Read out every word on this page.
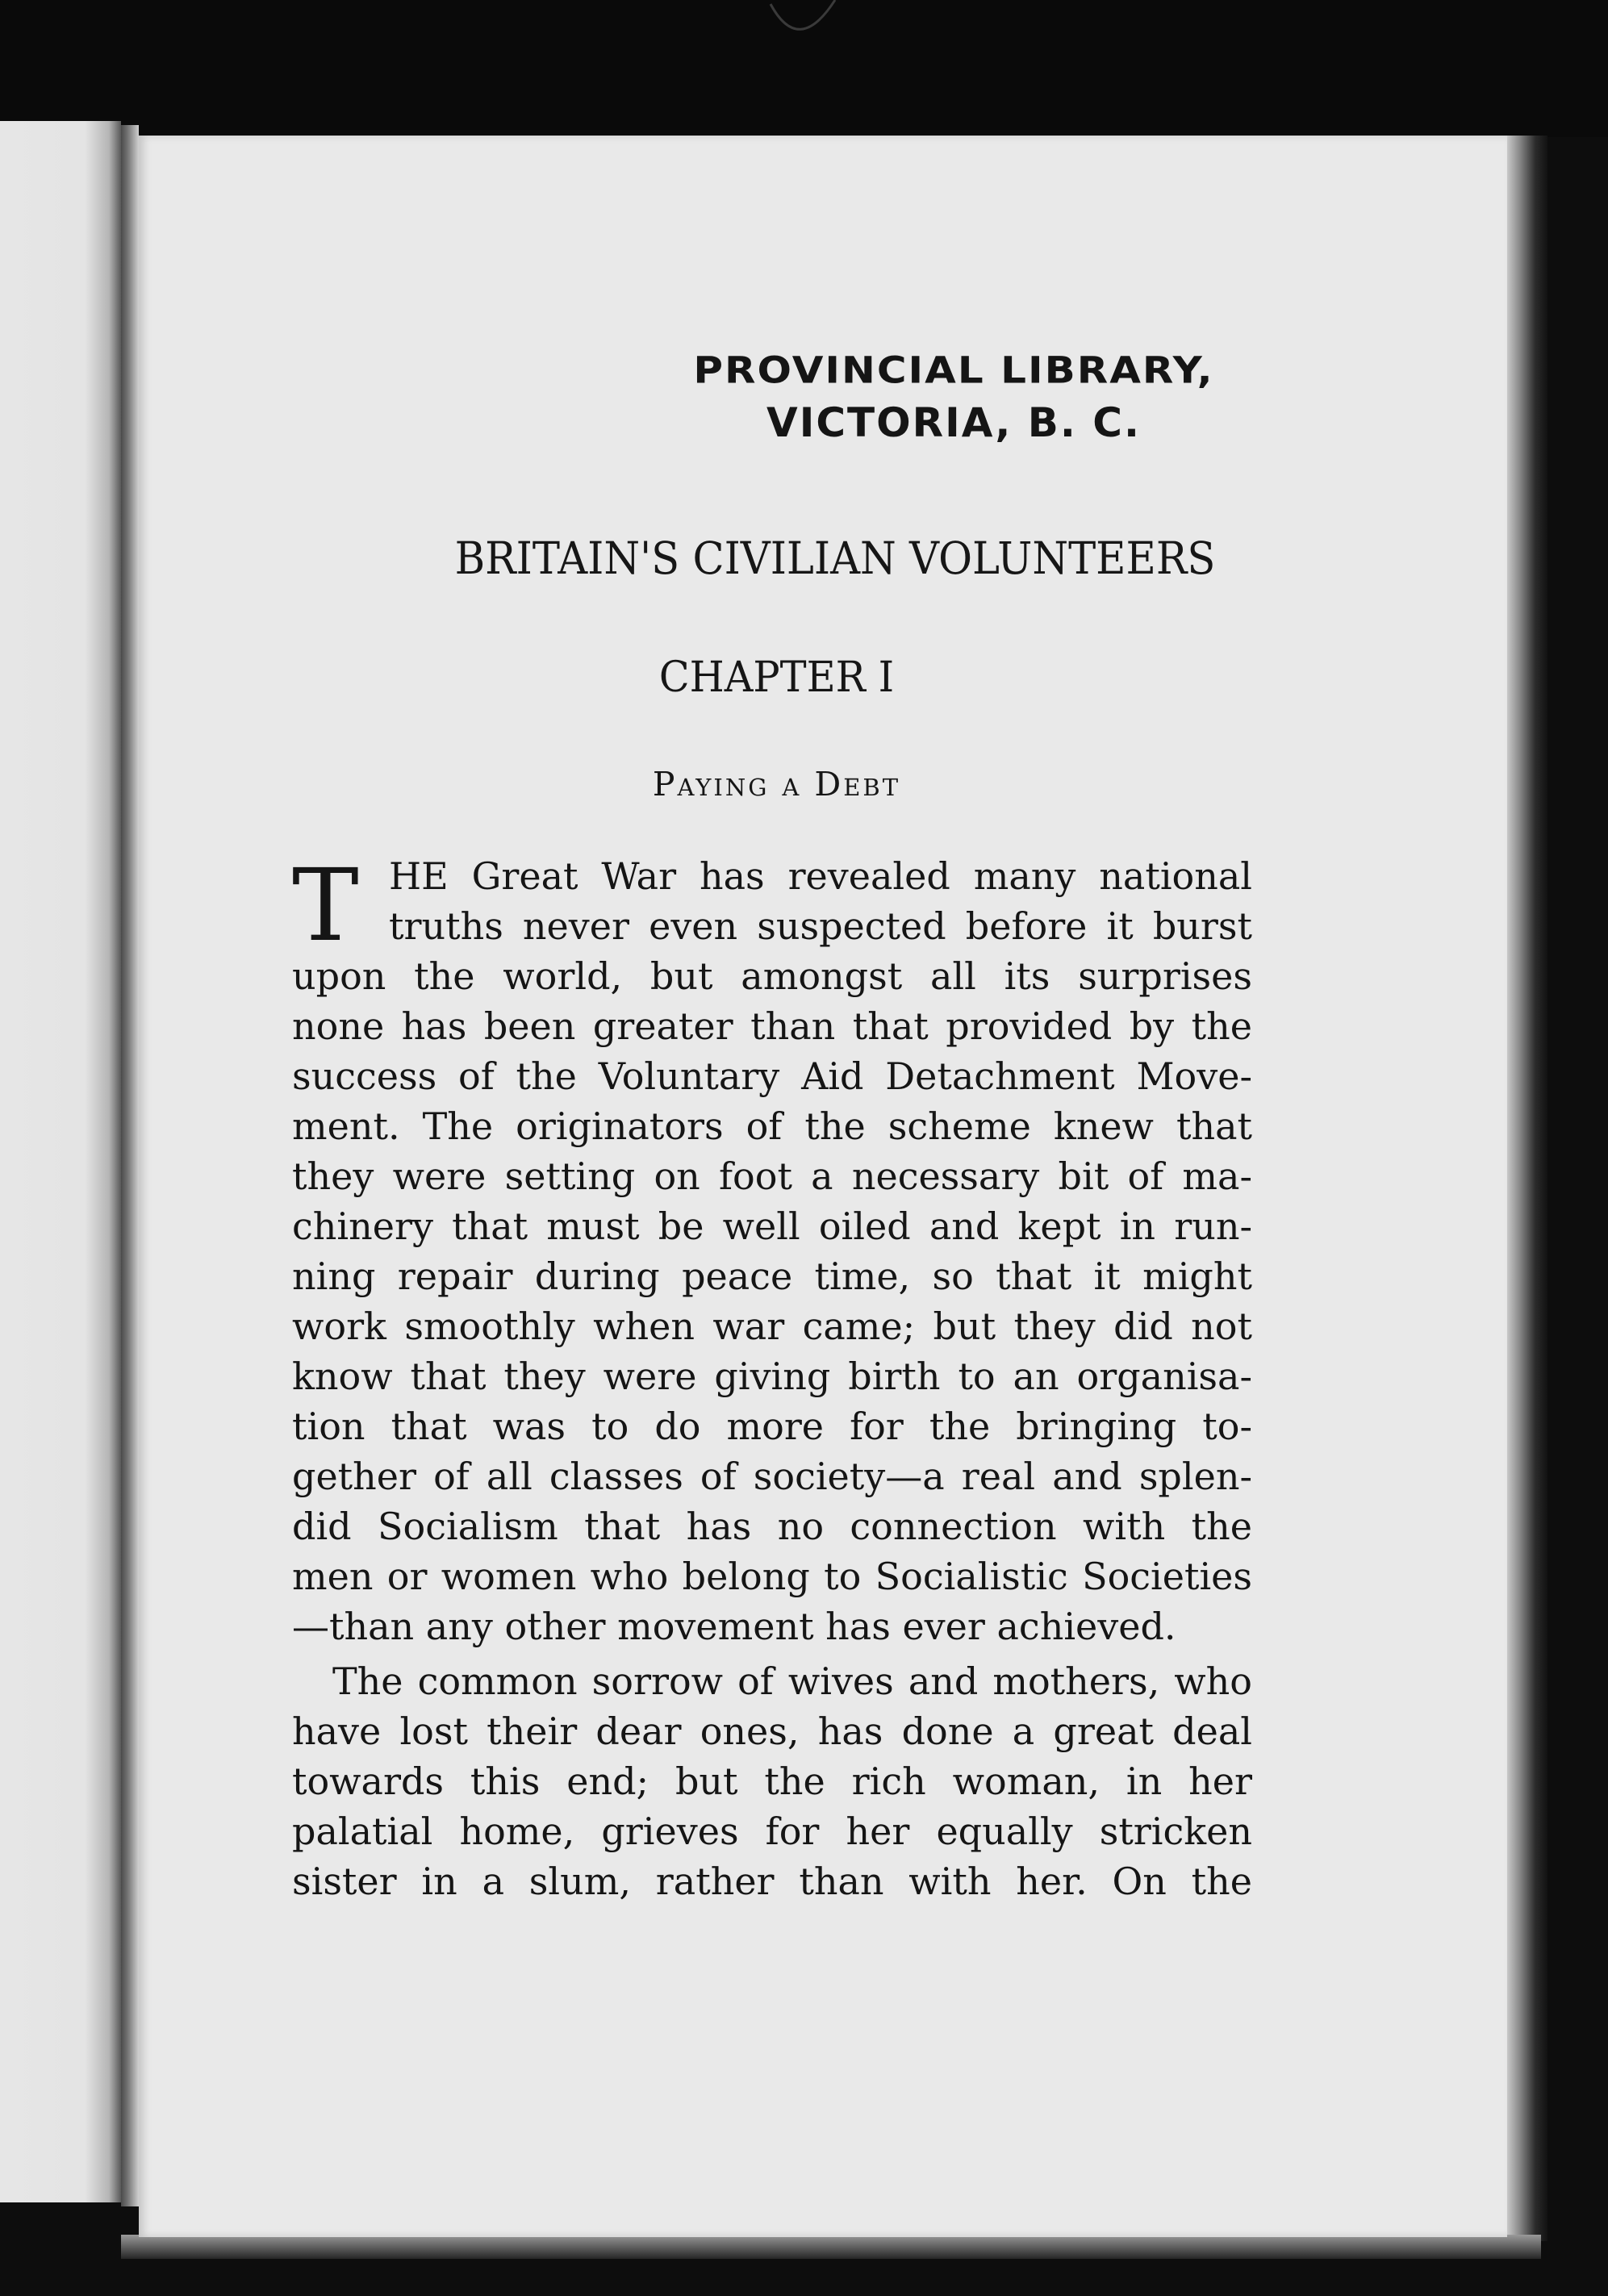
PROVINCIAL LIBRARY,
VICTORIA, B. C.
BRITAIN'S CIVILIAN VOLUNTEERS
CHAPTER I
Paying a Debt
T HE Great War has revealed many national
truths never even suspected before it burst
upon the world, but amongst all its surprises
none has been greater than that provided by the
success of the Voluntary Aid Detachment Move-
ment. The originators of the scheme knew that
they were setting on foot a necessary bit of ma-
chinery that must be well oiled and kept in run-
ning repair during peace time, so that it might
work smoothly when war came; but they did not
know that they were giving birth to an organisa-
tion that was to do more for the bringing to-
gether of all classes of society—a real and splen-
did Socialism that has no connection with the
men or women who belong to Socialistic Societies
—than any other movement has ever achieved.
The common sorrow of wives and mothers, who
have lost their dear ones, has done a great deal
towards this end; but the rich woman, in her
palatial home, grieves for her equally stricken
sister in a slum, rather than with her. On the
